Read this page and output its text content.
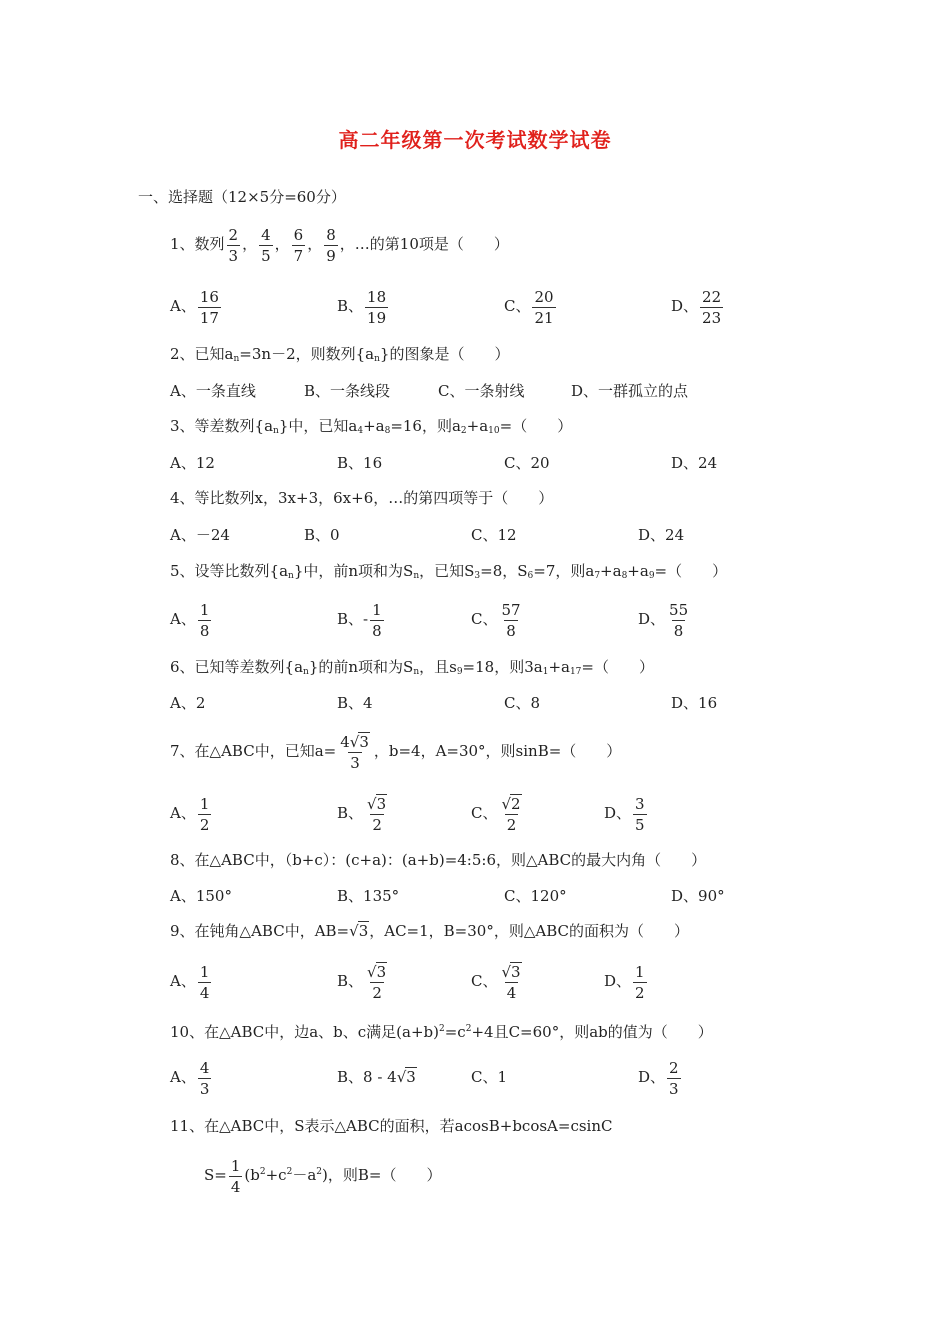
高二年级第一次考试数学试卷
一、选择题（12×5分=60分）
1、数列 $\frac{2}{3}$ ， $\frac{4}{5}$ ， $\frac{6}{7}$ ， $\frac{8}{9}$ ，…的第10项是（　　）
A、 $\frac{16}{17}$	B、 $\frac{18}{19}$	C、 $\frac{20}{21}$	D、 $\frac{22}{23}$
2、已知$a_n=3n-2$，则数列$\{a_n\}$的图象是（　　）
A、一条直线	B、一条线段	C、一条射线	D、一群孤立的点
3、等差数列$\{a_n\}$中，已知$a_4+a_8=16$，则$a_2+a_{10}=$（　　）
A、12	B、16	C、20	D、24
4、等比数列x，3x+3，6x+6，…的第四项等于（　　）
A、－24	B、0	C、12	D、24
5、设等比数列$\{a_n\}$中，前n项和为$S_n$，已知$S_3=8$，$S_6=7$，则$a_7+a_8+a_9=$（　　）
A、 $\frac{1}{8}$	B、- $\frac{1}{8}$	C、 $\frac{57}{8}$	D、 $\frac{55}{8}$
6、已知等差数列$\{a_n\}$的前n项和为$S_n$，且$s_9=18$，则$3a_1+a_{17}=$（　　）
A、2	B、4	C、8	D、16
7、在△ABC中，已知$a= \frac{4√3}{3}$ ，b=4，A=30°，则sinB=（　　）
A、 $\frac{1}{2}$	B、 $\frac{√3}{2}$	C、 $\frac{√2}{2}$	D、 $\frac{3}{5}$
8、在△ABC中，（b+c）：(c+a)：(a+b)=4:5:6，则△ABC的最大内角（　　）
A、150°	B、135°	C、120°	D、90°
9、在钝角△ABC中，AB=√3，AC=1，B=30°，则△ABC的面积为（　　）
A、 $\frac{1}{4}$	B、 $\frac{√3}{2}$	C、 $\frac{√3}{4}$	D、 $\frac{1}{2}$
10、在△ABC中，边a、b、c满足$(a+b)^2=c^2+4$且C=60°，则ab的值为（　　）
A、 $\frac{4}{3}$	B、8 - 4√3	C、1	D、 $\frac{2}{3}$
11、在△ABC中，S表示△ABC的面积，若acosB+bcosA=csinC
$S= \frac{1}{4} (b^2+c^2-a^2)$，则B=（　　）
